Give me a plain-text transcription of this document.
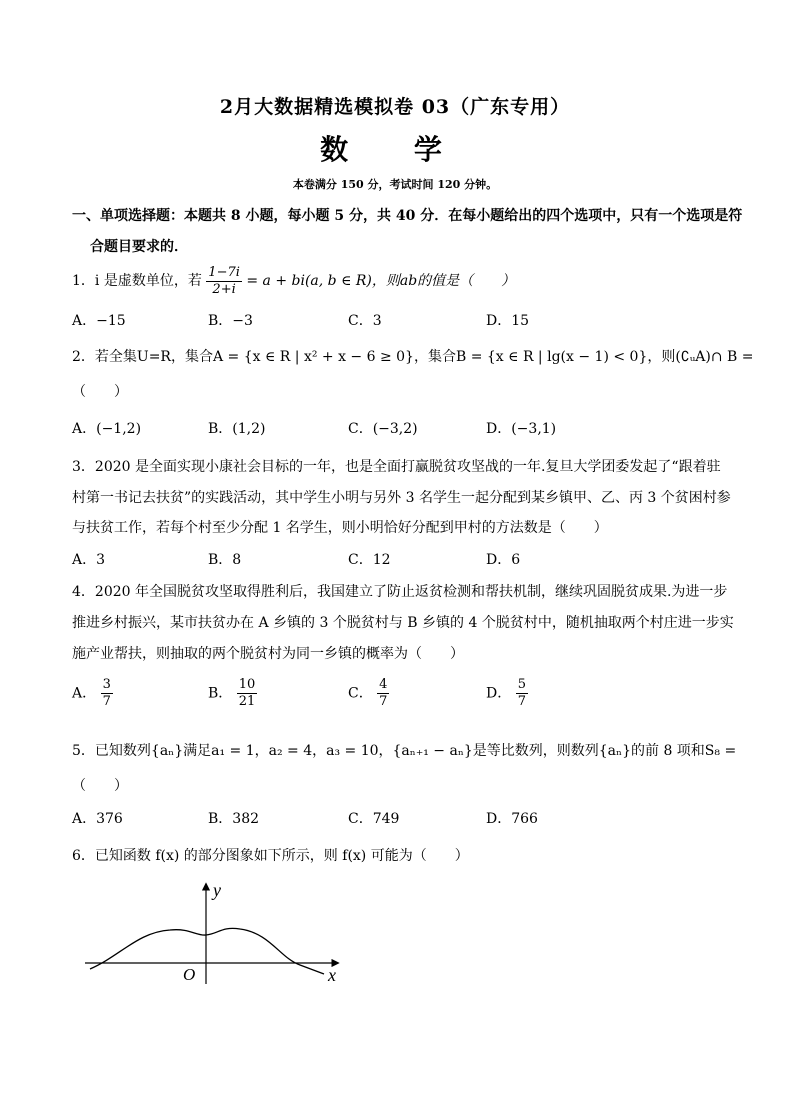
2月大数据精选模拟卷 03（广东专用）
数 学
本卷满分 150 分，考试时间 120 分钟。
一、单项选择题：本题共 8 小题，每小题 5 分，共 40 分．在每小题给出的四个选项中，只有一个选项是符
合题目要求的．
1．i 是虚数单位，若 $\frac{1-7i}{2+i} = a + bi(a$, b ∈ R)，则ab的值是（　　）
A．−15	B．−3	C．3	D．15
2．若全集U=R，集合A = {x ∈ R | x² + x − 6 ≥ 0}，集合B = {x ∈ R | lg(x − 1) < 0}，则(∁ᵤA)∩ B =
（　　）
A．(−1,2)	B．(1,2)	C．(−3,2)	D．(−3,1)
3．2020 是全面实现小康社会目标的一年，也是全面打赢脱贫攻坚战的一年.复旦大学团委发起了“跟着驻
村第一书记去扶贫”的实践活动，其中学生小明与另外 3 名学生一起分配到某乡镇甲、乙、丙 3 个贫困村参
与扶贫工作，若每个村至少分配 1 名学生，则小明恰好分配到甲村的方法数是（　　）
A．3	B．8	C．12	D．6
4．2020 年全国脱贫攻坚取得胜利后，我国建立了防止返贫检测和帮扶机制，继续巩固脱贫成果.为进一步
推进乡村振兴，某市扶贫办在 A 乡镇的 3 个脱贫村与 B 乡镇的 4 个脱贫村中，随机抽取两个村庄进一步实
施产业帮扶，则抽取的两个脱贫村为同一乡镇的概率为（　　）
A． $\frac{3}{7}$	B． $\frac{10}{21}$	C． $\frac{4}{7}$	D． $\frac{5}{7}$
5．已知数列{aₙ}满足a₁ = 1，a₂ = 4，a₃ = 10，{aₙ₊₁ − aₙ}是等比数列，则数列{aₙ}的前 8 项和S₈ =
（　　）
A．376	B．382	C．749	D．766
6．已知函数 f(x) 的部分图象如下所示，则 f(x) 可能为（　　）
y
x
O
